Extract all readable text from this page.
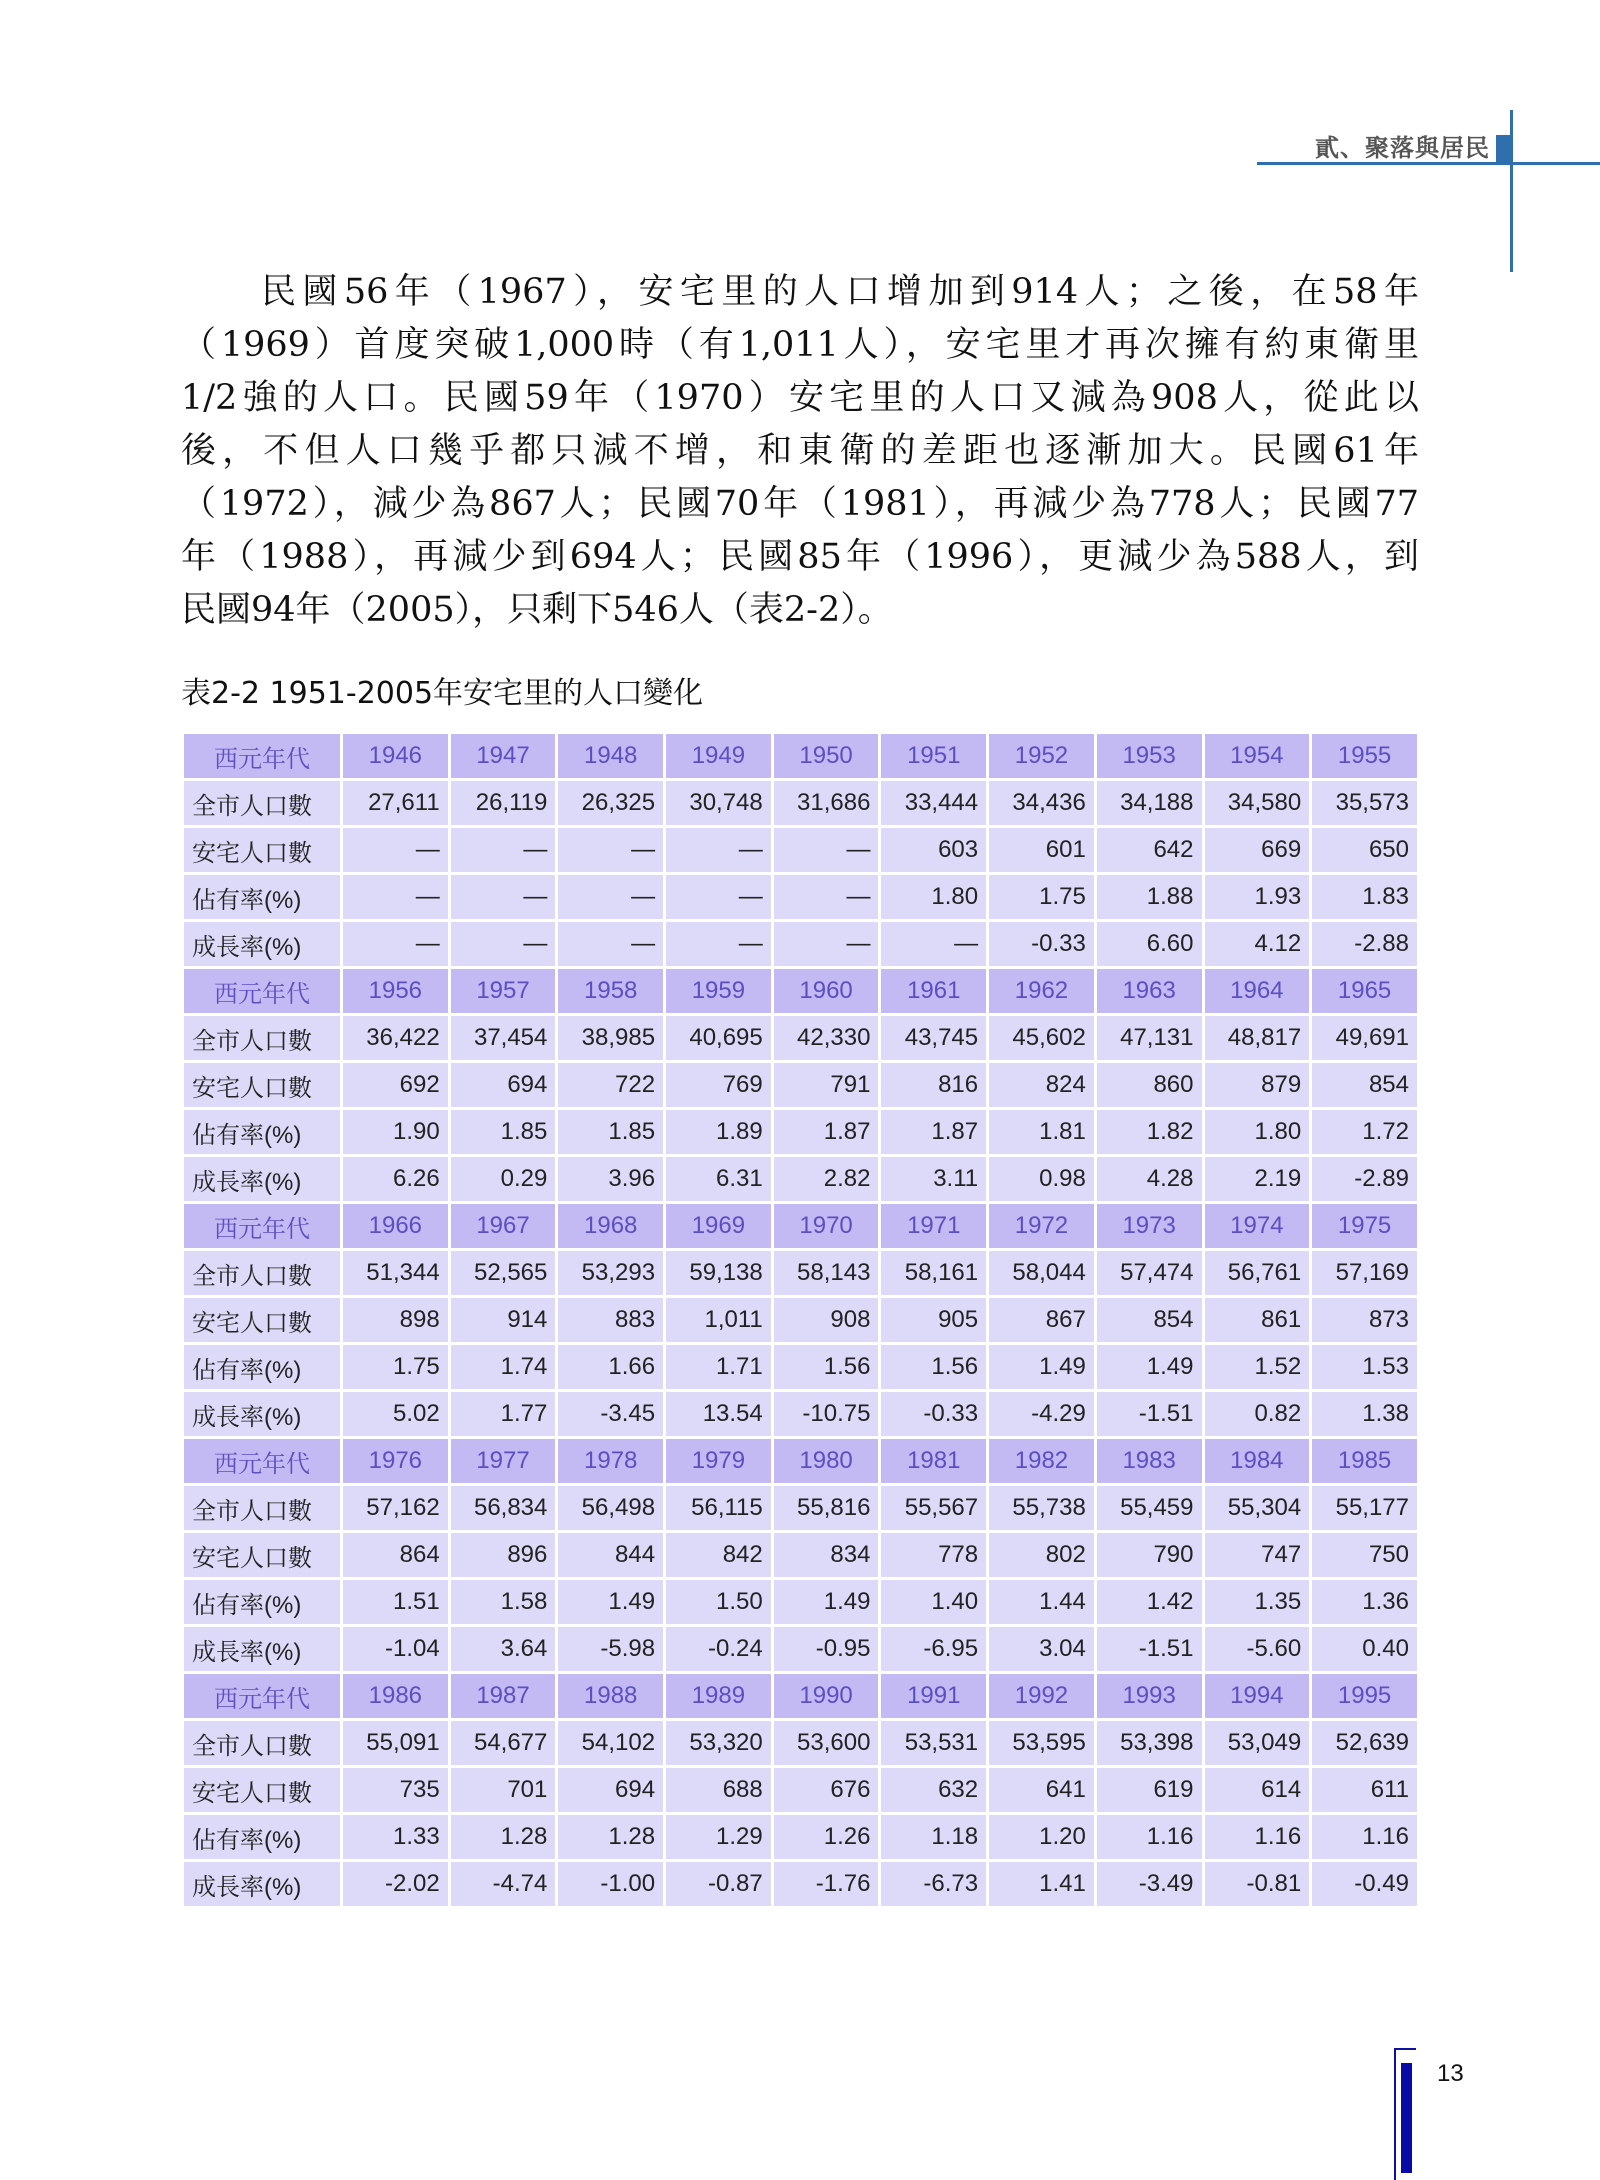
貳、聚落與居民
民國56年（1967），安宅里的人口增加到914人；之後，在58年
（1969）首度突破1,000時（有1,011人），安宅里才再次擁有約東衛里
1/2強的人口。民國59年（1970）安宅里的人口又減為908人，從此以
後，不但人口幾乎都只減不增，和東衛的差距也逐漸加大。民國61年
（1972），減少為867人；民國70年（1981），再減少為778人；民國77
年（1988），再減少到694人；民國85年（1996），更減少為588人，到
民國94年（2005），只剩下546人（表2-2）。
表2-2 1951-2005年安宅里的人口變化
西元年代	1946	1947	1948	1949	1950	1951	1952	1953	1954	1955
全市人口數	27,611	26,119	26,325	30,748	31,686	33,444	34,436	34,188	34,580	35,573
安宅人口數	—	—	—	—	—	603	601	642	669	650
佔有率(%)	—	—	—	—	—	1.80	1.75	1.88	1.93	1.83
成長率(%)	—	—	—	—	—	—	-0.33	6.60	4.12	-2.88
西元年代	1956	1957	1958	1959	1960	1961	1962	1963	1964	1965
全市人口數	36,422	37,454	38,985	40,695	42,330	43,745	45,602	47,131	48,817	49,691
安宅人口數	692	694	722	769	791	816	824	860	879	854
佔有率(%)	1.90	1.85	1.85	1.89	1.87	1.87	1.81	1.82	1.80	1.72
成長率(%)	6.26	0.29	3.96	6.31	2.82	3.11	0.98	4.28	2.19	-2.89
西元年代	1966	1967	1968	1969	1970	1971	1972	1973	1974	1975
全市人口數	51,344	52,565	53,293	59,138	58,143	58,161	58,044	57,474	56,761	57,169
安宅人口數	898	914	883	1,011	908	905	867	854	861	873
佔有率(%)	1.75	1.74	1.66	1.71	1.56	1.56	1.49	1.49	1.52	1.53
成長率(%)	5.02	1.77	-3.45	13.54	-10.75	-0.33	-4.29	-1.51	0.82	1.38
西元年代	1976	1977	1978	1979	1980	1981	1982	1983	1984	1985
全市人口數	57,162	56,834	56,498	56,115	55,816	55,567	55,738	55,459	55,304	55,177
安宅人口數	864	896	844	842	834	778	802	790	747	750
佔有率(%)	1.51	1.58	1.49	1.50	1.49	1.40	1.44	1.42	1.35	1.36
成長率(%)	-1.04	3.64	-5.98	-0.24	-0.95	-6.95	3.04	-1.51	-5.60	0.40
西元年代	1986	1987	1988	1989	1990	1991	1992	1993	1994	1995
全市人口數	55,091	54,677	54,102	53,320	53,600	53,531	53,595	53,398	53,049	52,639
安宅人口數	735	701	694	688	676	632	641	619	614	611
佔有率(%)	1.33	1.28	1.28	1.29	1.26	1.18	1.20	1.16	1.16	1.16
成長率(%)	-2.02	-4.74	-1.00	-0.87	-1.76	-6.73	1.41	-3.49	-0.81	-0.49
13
